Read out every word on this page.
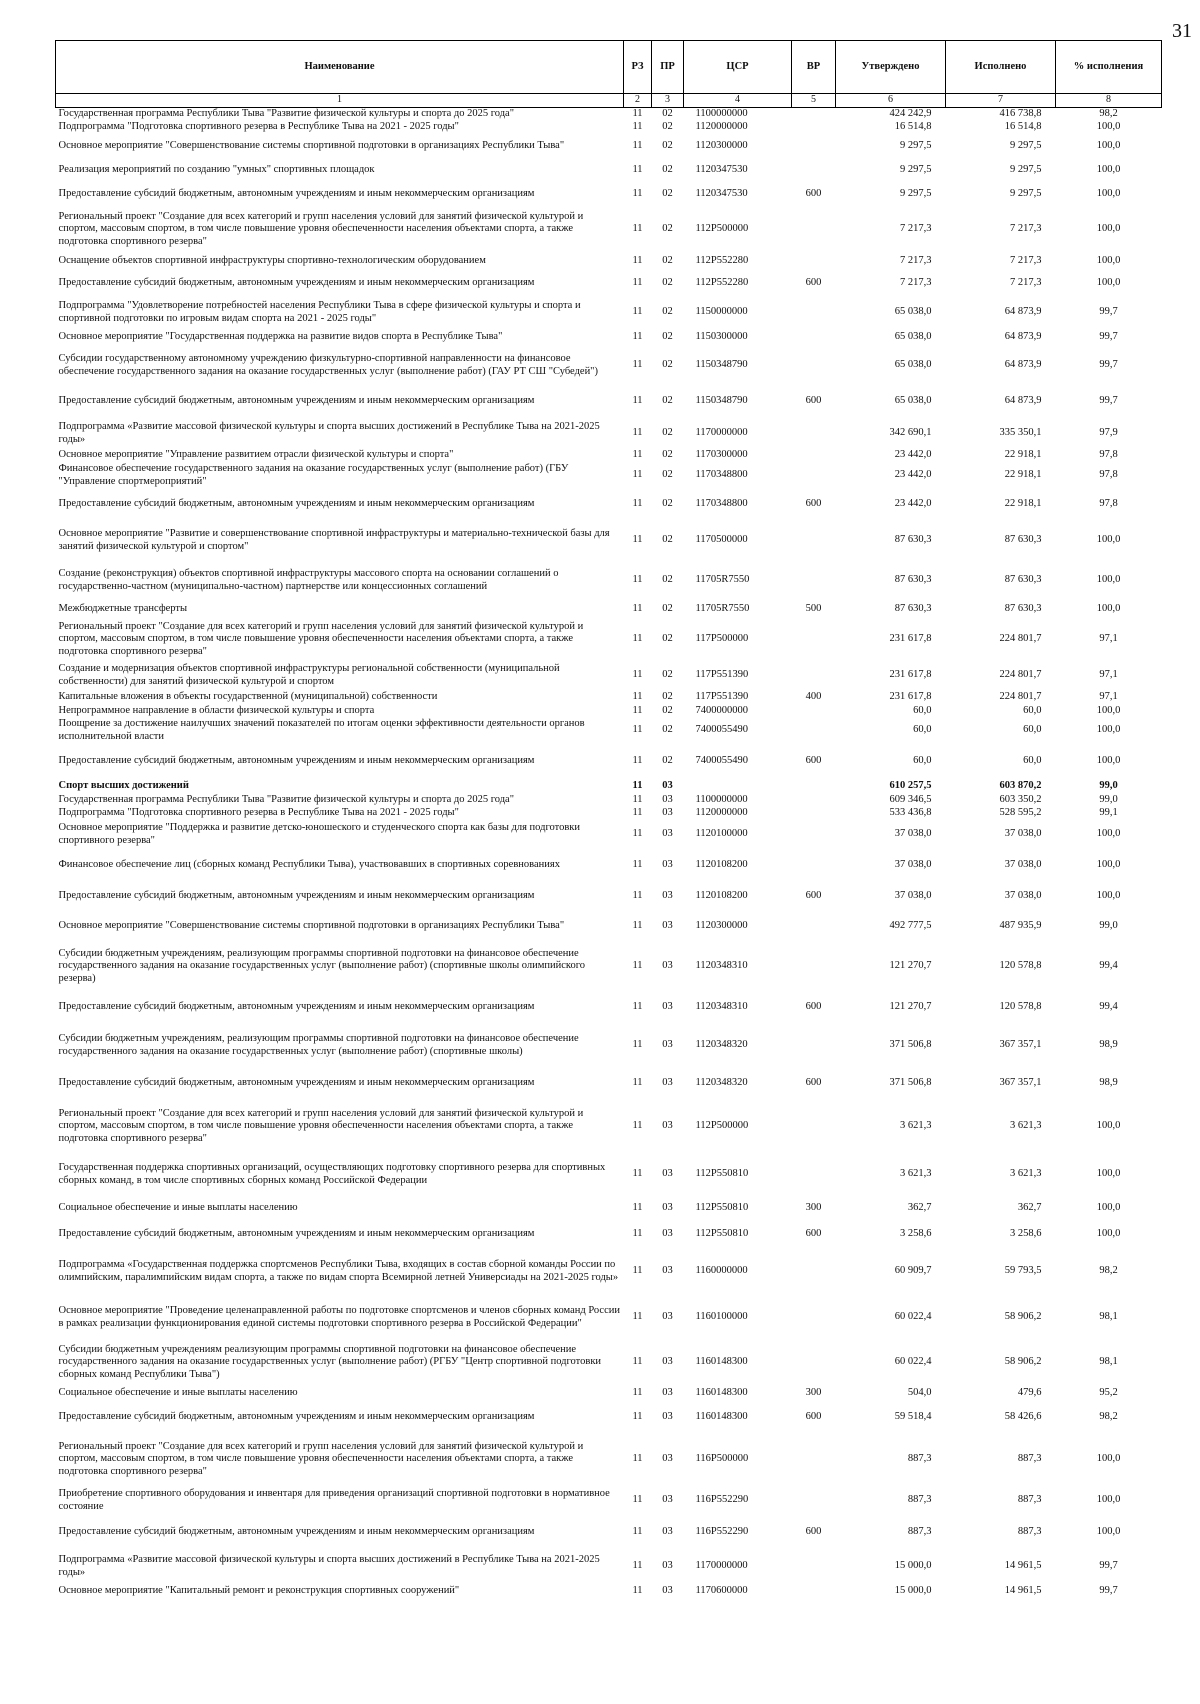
31
Наименование	РЗ	ПР	ЦСР	ВР	Утверждено	Исполнено	% исполнения
1	2	3	4	5	6	7	8
Государственная программа Республики Тыва "Развитие физической культуры и спорта до 2025 года"	11	02	1100000000		424 242,9	416 738,8	98,2
Подпрограмма "Подготовка спортивного резерва в Республике Тыва на 2021 - 2025 годы"	11	02	1120000000		16 514,8	16 514,8	100,0
Основное мероприятие "Совершенствование системы спортивной подготовки в организациях Республики Тыва"	11	02	1120300000		9 297,5	9 297,5	100,0
Реализация мероприятий по созданию "умных" спортивных площадок	11	02	1120347530		9 297,5	9 297,5	100,0
Предоставление субсидий бюджетным, автономным учреждениям и иным некоммерческим организациям	11	02	1120347530	600	9 297,5	9 297,5	100,0
Региональный проект "Создание для всех категорий и групп населения условий для занятий физической культурой и спортом, массовым спортом, в том числе повышение уровня обеспеченности населения объектами спорта, а также подготовка спортивного резерва"	11	02	112P500000		7 217,3	7 217,3	100,0
Оснащение объектов спортивной инфраструктуры спортивно-технологическим оборудованием	11	02	112P552280		7 217,3	7 217,3	100,0
Предоставление субсидий бюджетным, автономным учреждениям и иным некоммерческим организациям	11	02	112P552280	600	7 217,3	7 217,3	100,0
Подпрограмма "Удовлетворение потребностей населения Республики Тыва в сфере физической культуры и спорта и спортивной подготовки по игровым видам спорта на 2021 - 2025 годы"	11	02	1150000000		65 038,0	64 873,9	99,7
Основное мероприятие "Государственная поддержка на развитие видов спорта в Республике Тыва"	11	02	1150300000		65 038,0	64 873,9	99,7
Субсидии государственному автономному учреждению физкультурно-спортивной направленности на финансовое обеспечение государственного задания на оказание государственных услуг (выполнение работ) (ГАУ РТ СШ "Субедей")	11	02	1150348790		65 038,0	64 873,9	99,7
Предоставление субсидий бюджетным, автономным учреждениям и иным некоммерческим организациям	11	02	1150348790	600	65 038,0	64 873,9	99,7
Подпрограмма «Развитие массовой физической культуры и спорта высших достижений в Республике Тыва на 2021-2025 годы»	11	02	1170000000		342 690,1	335 350,1	97,9
Основное мероприятие "Управление развитием отрасли физической культуры и спорта"	11	02	1170300000		23 442,0	22 918,1	97,8
Финансовое обеспечение государственного задания на оказание государственных услуг (выполнение работ) (ГБУ "Управление спортмероприятий"	11	02	1170348800		23 442,0	22 918,1	97,8
Предоставление субсидий бюджетным, автономным учреждениям и иным некоммерческим организациям	11	02	1170348800	600	23 442,0	22 918,1	97,8
Основное мероприятие "Развитие и совершенствование спортивной инфраструктуры и материально-технической базы для занятий физической культурой и спортом"	11	02	1170500000		87 630,3	87 630,3	100,0
Создание (реконструкция) объектов спортивной инфраструктуры массового спорта на основании соглашений о государственно-частном (муниципально-частном) партнерстве или концессионных соглашений	11	02	11705R7550		87 630,3	87 630,3	100,0
Межбюджетные трансферты	11	02	11705R7550	500	87 630,3	87 630,3	100,0
Региональный проект "Создание для всех категорий и групп населения условий для занятий физической культурой и спортом, массовым спортом, в том числе повышение уровня обеспеченности населения объектами спорта, а также подготовка спортивного резерва"	11	02	117P500000		231 617,8	224 801,7	97,1
Создание и модернизация объектов спортивной инфраструктуры региональной собственности (муниципальной собственности) для занятий физической культурой и спортом	11	02	117P551390		231 617,8	224 801,7	97,1
Капитальные вложения в объекты государственной (муниципальной) собственности	11	02	117P551390	400	231 617,8	224 801,7	97,1
Непрограммное направление в области физической культуры и спорта	11	02	7400000000		60,0	60,0	100,0
Поощрение за достижение наилучших значений показателей по итогам оценки эффективности деятельности органов исполнительной власти	11	02	7400055490		60,0	60,0	100,0
Предоставление субсидий бюджетным, автономным учреждениям и иным некоммерческим организациям	11	02	7400055490	600	60,0	60,0	100,0
Спорт высших достижений	11	03			610 257,5	603 870,2	99,0
Государственная программа Республики Тыва "Развитие физической культуры и спорта до 2025 года"	11	03	1100000000		609 346,5	603 350,2	99,0
Подпрограмма "Подготовка спортивного резерва в Республике Тыва на 2021 - 2025 годы"	11	03	1120000000		533 436,8	528 595,2	99,1
Основное мероприятие "Поддержка и развитие детско-юношеского и студенческого спорта как базы для подготовки спортивного резерва"	11	03	1120100000		37 038,0	37 038,0	100,0
Финансовое обеспечение лиц (сборных команд Республики Тыва), участвовавших в спортивных соревнованиях	11	03	1120108200		37 038,0	37 038,0	100,0
Предоставление субсидий бюджетным, автономным учреждениям и иным некоммерческим организациям	11	03	1120108200	600	37 038,0	37 038,0	100,0
Основное мероприятие "Совершенствование системы спортивной подготовки в организациях Республики Тыва"	11	03	1120300000		492 777,5	487 935,9	99,0
Субсидии бюджетным учреждениям, реализующим программы спортивной подготовки на финансовое обеспечение государственного задания на оказание государственных услуг (выполнение работ) (спортивные школы олимпийского резерва)	11	03	1120348310		121 270,7	120 578,8	99,4
Предоставление субсидий бюджетным, автономным учреждениям и иным некоммерческим организациям	11	03	1120348310	600	121 270,7	120 578,8	99,4
Субсидии бюджетным учреждениям, реализующим программы спортивной подготовки на финансовое обеспечение государственного задания на оказание государственных услуг (выполнение работ) (спортивные школы)	11	03	1120348320		371 506,8	367 357,1	98,9
Предоставление субсидий бюджетным, автономным учреждениям и иным некоммерческим организациям	11	03	1120348320	600	371 506,8	367 357,1	98,9
Региональный проект "Создание для всех категорий и групп населения условий для занятий физической культурой и спортом, массовым спортом, в том числе повышение уровня обеспеченности населения объектами спорта, а также подготовка спортивного резерва"	11	03	112P500000		3 621,3	3 621,3	100,0
Государственная поддержка спортивных организаций, осуществляющих подготовку спортивного резерва для спортивных сборных команд, в том числе спортивных сборных команд Российской Федерации	11	03	112P550810		3 621,3	3 621,3	100,0
Социальное обеспечение и иные выплаты населению	11	03	112P550810	300	362,7	362,7	100,0
Предоставление субсидий бюджетным, автономным учреждениям и иным некоммерческим организациям	11	03	112P550810	600	3 258,6	3 258,6	100,0
Подпрограмма «Государственная поддержка спортсменов Республики Тыва, входящих в состав сборной команды России по олимпийским, паралимпийским видам спорта, а также по видам спорта Всемирной летней Универсиады на 2021-2025 годы»	11	03	1160000000		60 909,7	59 793,5	98,2
Основное мероприятие "Проведение целенаправленной работы по подготовке спортсменов и членов сборных команд России в рамках реализации функционирования единой системы подготовки спортивного резерва в Российской Федерации"	11	03	1160100000		60 022,4	58 906,2	98,1
Субсидии бюджетным учреждениям реализующим программы спортивной подготовки на финансовое обеспечение государственного задания на оказание государственных услуг (выполнение работ) (РГБУ "Центр спортивной подготовки сборных команд Республики Тыва")	11	03	1160148300		60 022,4	58 906,2	98,1
Социальное обеспечение и иные выплаты населению	11	03	1160148300	300	504,0	479,6	95,2
Предоставление субсидий бюджетным, автономным учреждениям и иным некоммерческим организациям	11	03	1160148300	600	59 518,4	58 426,6	98,2
Региональный проект "Создание для всех категорий и групп населения условий для занятий физической культурой и спортом, массовым спортом, в том числе повышение уровня обеспеченности населения объектами спорта, а также подготовка спортивного резерва"	11	03	116P500000		887,3	887,3	100,0
Приобретение спортивного оборудования и инвентаря для приведения организаций спортивной подготовки в нормативное состояние	11	03	116P552290		887,3	887,3	100,0
Предоставление субсидий бюджетным, автономным учреждениям и иным некоммерческим организациям	11	03	116P552290	600	887,3	887,3	100,0
Подпрограмма «Развитие массовой физической культуры и спорта высших достижений в Республике Тыва на 2021-2025 годы»	11	03	1170000000		15 000,0	14 961,5	99,7
Основное мероприятие "Капитальный ремонт и реконструкция спортивных сооружений"	11	03	1170600000		15 000,0	14 961,5	99,7
